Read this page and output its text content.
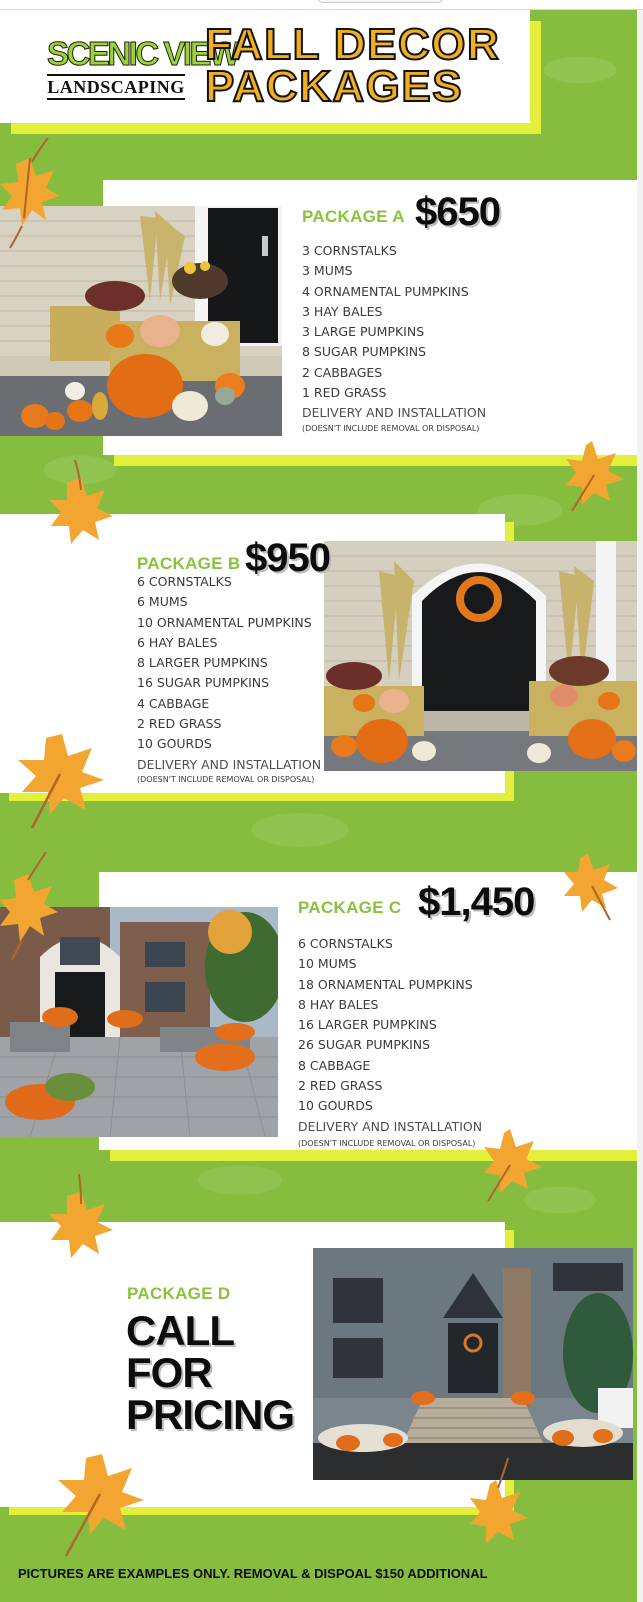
SCENIC VIEW
LANDSCAPING
FALL DECOR
PACKAGES
PACKAGE A $650
3 CORNSTALKS
3 MUMS
4 ORNAMENTAL PUMPKINS
3 HAY BALES
3 LARGE PUMPKINS
8 SUGAR PUMPKINS
2 CABBAGES
1 RED GRASS
DELIVERY AND INSTALLATION
(DOESN'T INCLUDE REMOVAL OR DISPOSAL)
PACKAGE B $950
6 CORNSTALKS
6 MUMS
10 ORNAMENTAL PUMPKINS
6 HAY BALES
8 LARGER PUMPKINS
16 SUGAR PUMPKINS
4 CABBAGE
2 RED GRASS
10 GOURDS
DELIVERY AND INSTALLATION
(DOESN'T INCLUDE REMOVAL OR DISPOSAL)
PACKAGE C $1,450
6 CORNSTALKS
10 MUMS
18 ORNAMENTAL PUMPKINS
8 HAY BALES
16 LARGER PUMPKINS
26 SUGAR PUMPKINS
8 CABBAGE
2 RED GRASS
10 GOURDS
DELIVERY AND INSTALLATION
(DOESN'T INCLUDE REMOVAL OR DISPOSAL)
PACKAGE D
CALL
FOR
PRICING
PICTURES ARE EXAMPLES ONLY. REMOVAL & DISPOAL $150 ADDITIONAL
